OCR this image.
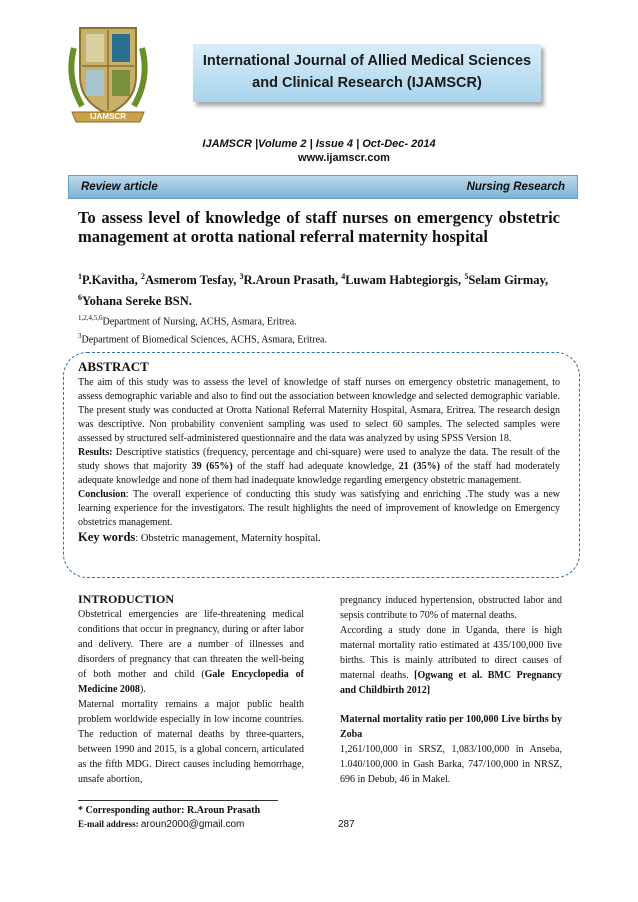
IJAMSCR
International Journal of Allied Medical Sciences
and Clinical Research (IJAMSCR)
IJAMSCR |Volume 2 | Issue 4 | Oct-Dec- 2014
www.ijamscr.com
Review article	Nursing Research
To assess level of knowledge of staff nurses on emergency obstetric management at orotta national referral maternity hospital
$^1$P.Kavitha, $^2$Asmerom Tesfay, $^3$R.Aroun Prasath, $^4$Luwam Habtegiorgis, $^5$Selam Girmay,
$^6$Yohana Sereke BSN.
$^{1,2,4,5,6}$Department of Nursing, ACHS, Asmara, Eritrea.
$^3$Department of Biomedical Sciences, ACHS, Asmara, Eritrea.
ABSTRACT

The aim of this study was to assess the level of knowledge of staff nurses on emergency obstetric management, to assess demographic variable and also to find out the association between knowledge and selected demographic variable. The present study was conducted at Orotta National Referral Maternity Hospital, Asmara, Eritrea. The research design was descriptive. Non probability convenient sampling was used to select 60 samples. The selected samples were assessed by structured self-administered questionnaire and the data was analyzed by using SPSS Version 18.

Results: Descriptive statistics (frequency, percentage and chi-square) were used to analyze the data. The result of the study shows that majority 39 (65%) of the staff had adequate knowledge, 21 (35%) of the staff had moderately adequate knowledge and none of them had inadequate knowledge regarding emergency obstetric management.

Conclusion: The overall experience of conducting this study was satisfying and enriching .The study was a new learning experience for the investigators. The result highlights the need of improvement of knowledge on Emergency obstetrics management.

Key words: Obstetric management, Maternity hospital.

INTRODUCTION

Obstetrical emergencies are life-threatening medical conditions that occur in pregnancy, during or after labor and delivery. There are a number of illnesses and disorders of pregnancy that can threaten the well-being of both mother and child (Gale Encyclopedia of Medicine 2008).

Maternal mortality remains a major public health problem worldwide especially in low income countries. The reduction of maternal deaths by three-quarters, between 1990 and 2015, is a global concern, articulated as the fifth MDG. Direct causes including hemorrhage, unsafe abortion,

pregnancy induced hypertension, obstructed labor and sepsis contribute to 70% of maternal deaths.

According a study done in Uganda, there is high maternal mortality ratio estimated at 435/100,000 live births. This is mainly attributed to direct causes of maternal deaths. [Ogwang et al. BMC Pregnancy and Childbirth 2012]

Maternal mortality ratio per 100,000 Live births by Zoba

1,261/100,000 in SRSZ, 1,083/100,000 in Anseba, 1.040/100,000 in Gash Barka, 747/100,000 in NRSZ, 696 in Debub, 46 in Makel.

* Corresponding author: R.Aroun Prasath
E-mail address: aroun2000@gmail.com	287
